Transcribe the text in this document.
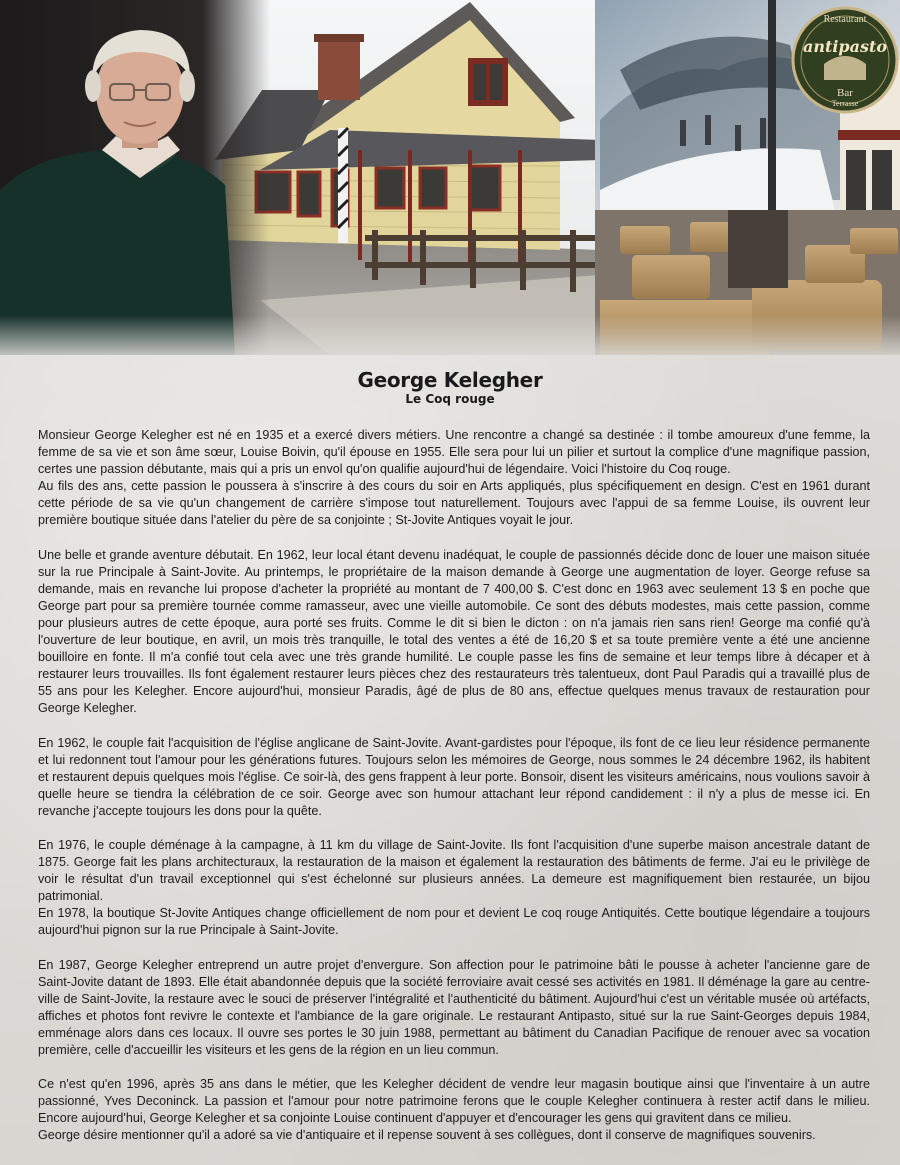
Restaurant
antipasto
Bar
Terrasse
George Kelegher
Le Coq rouge

Monsieur George Kelegher est né en 1935 et a exercé divers métiers. Une rencontre a changé sa destinée : il tombe amoureux d'une femme, la femme de sa vie et son âme sœur, Louise Boivin, qu'il épouse en 1955. Elle sera pour lui un pilier et surtout la complice d'une magnifique passion, certes une passion débutante, mais qui a pris un envol qu'on qualifie aujourd'hui de légendaire. Voici l'histoire du Coq rouge.

Au fils des ans, cette passion le poussera à s'inscrire à des cours du soir en Arts appliqués, plus spécifiquement en design. C'est en 1961 durant cette période de sa vie qu'un changement de carrière s'impose tout naturellement. Toujours avec l'appui de sa femme Louise, ils ouvrent leur première boutique située dans l'atelier du père de sa conjointe ; St-Jovite Antiques voyait le jour.

Une belle et grande aventure débutait. En 1962, leur local étant devenu inadéquat, le couple de passionnés décide donc de louer une maison située sur la rue Principale à Saint-Jovite. Au printemps, le propriétaire de la maison demande à George une augmentation de loyer. George refuse sa demande, mais en revanche lui propose d'acheter la propriété au montant de 7 400,00 $. C'est donc en 1963 avec seulement 13 $ en poche que George part pour sa première tournée comme ramasseur, avec une vieille automobile. Ce sont des débuts modestes, mais cette passion, comme pour plusieurs autres de cette époque, aura porté ses fruits. Comme le dit si bien le dicton : on n'a jamais rien sans rien! George ma confié qu'à l'ouverture de leur boutique, en avril, un mois très tranquille, le total des ventes a été de 16,20 $ et sa toute première vente a été une ancienne bouilloire en fonte. Il m'a confié tout cela avec une très grande humilité. Le couple passe les fins de semaine et leur temps libre à décaper et à restaurer leurs trouvailles. Ils font également restaurer leurs pièces chez des restaurateurs très talentueux, dont Paul Paradis qui a travaillé plus de 55 ans pour les Kelegher. Encore aujourd'hui, monsieur Paradis, âgé de plus de 80 ans, effectue quelques menus travaux de restauration pour George Kelegher.

En 1962, le couple fait l'acquisition de l'église anglicane de Saint-Jovite. Avant-gardistes pour l'époque, ils font de ce lieu leur résidence permanente et lui redonnent tout l'amour pour les générations futures. Toujours selon les mémoires de George, nous sommes le 24 décembre 1962, ils habitent et restaurent depuis quelques mois l'église. Ce soir-là, des gens frappent à leur porte. Bonsoir, disent les visiteurs américains, nous voulions savoir à quelle heure se tiendra la célébration de ce soir. George avec son humour attachant leur répond candidement : il n'y a plus de messe ici. En revanche j'accepte toujours les dons pour la quête.

En 1976, le couple déménage à la campagne, à 11 km du village de Saint-Jovite. Ils font l'acquisition d'une superbe maison ancestrale datant de 1875. George fait les plans architecturaux, la restauration de la maison et également la restauration des bâtiments de ferme. J'ai eu le privilège de voir le résultat d'un travail exceptionnel qui s'est échelonné sur plusieurs années. La demeure est magnifiquement bien restaurée, un bijou patrimonial.

En 1978, la boutique St-Jovite Antiques change officiellement de nom pour et devient Le coq rouge Antiquités. Cette boutique légendaire a toujours aujourd'hui pignon sur la rue Principale à Saint-Jovite.

En 1987, George Kelegher entreprend un autre projet d'envergure. Son affection pour le patrimoine bâti le pousse à acheter l'ancienne gare de Saint-Jovite datant de 1893. Elle était abandonnée depuis que la société ferroviaire avait cessé ses activités en 1981. Il déménage la gare au centre-ville de Saint-Jovite, la restaure avec le souci de préserver l'intégralité et l'authenticité du bâtiment. Aujourd'hui c'est un véritable musée où artéfacts, affiches et photos font revivre le contexte et l'ambiance de la gare originale. Le restaurant Antipasto, situé sur la rue Saint-Georges depuis 1984, emménage alors dans ces locaux. Il ouvre ses portes le 30 juin 1988, permettant au bâtiment du Canadian Pacifique de renouer avec sa vocation première, celle d'accueillir les visiteurs et les gens de la région en un lieu commun.

Ce n'est qu'en 1996, après 35 ans dans le métier, que les Kelegher décident de vendre leur magasin boutique ainsi que l'inventaire à un autre passionné, Yves Deconinck. La passion et l'amour pour notre patrimoine ferons que le couple Kelegher continuera à rester actif dans le milieu. Encore aujourd'hui, George Kelegher et sa conjointe Louise continuent d'appuyer et d'encourager les gens qui gravitent dans ce milieu.

George désire mentionner qu'il a adoré sa vie d'antiquaire et il repense souvent à ses collègues, dont il conserve de magnifiques souvenirs.
